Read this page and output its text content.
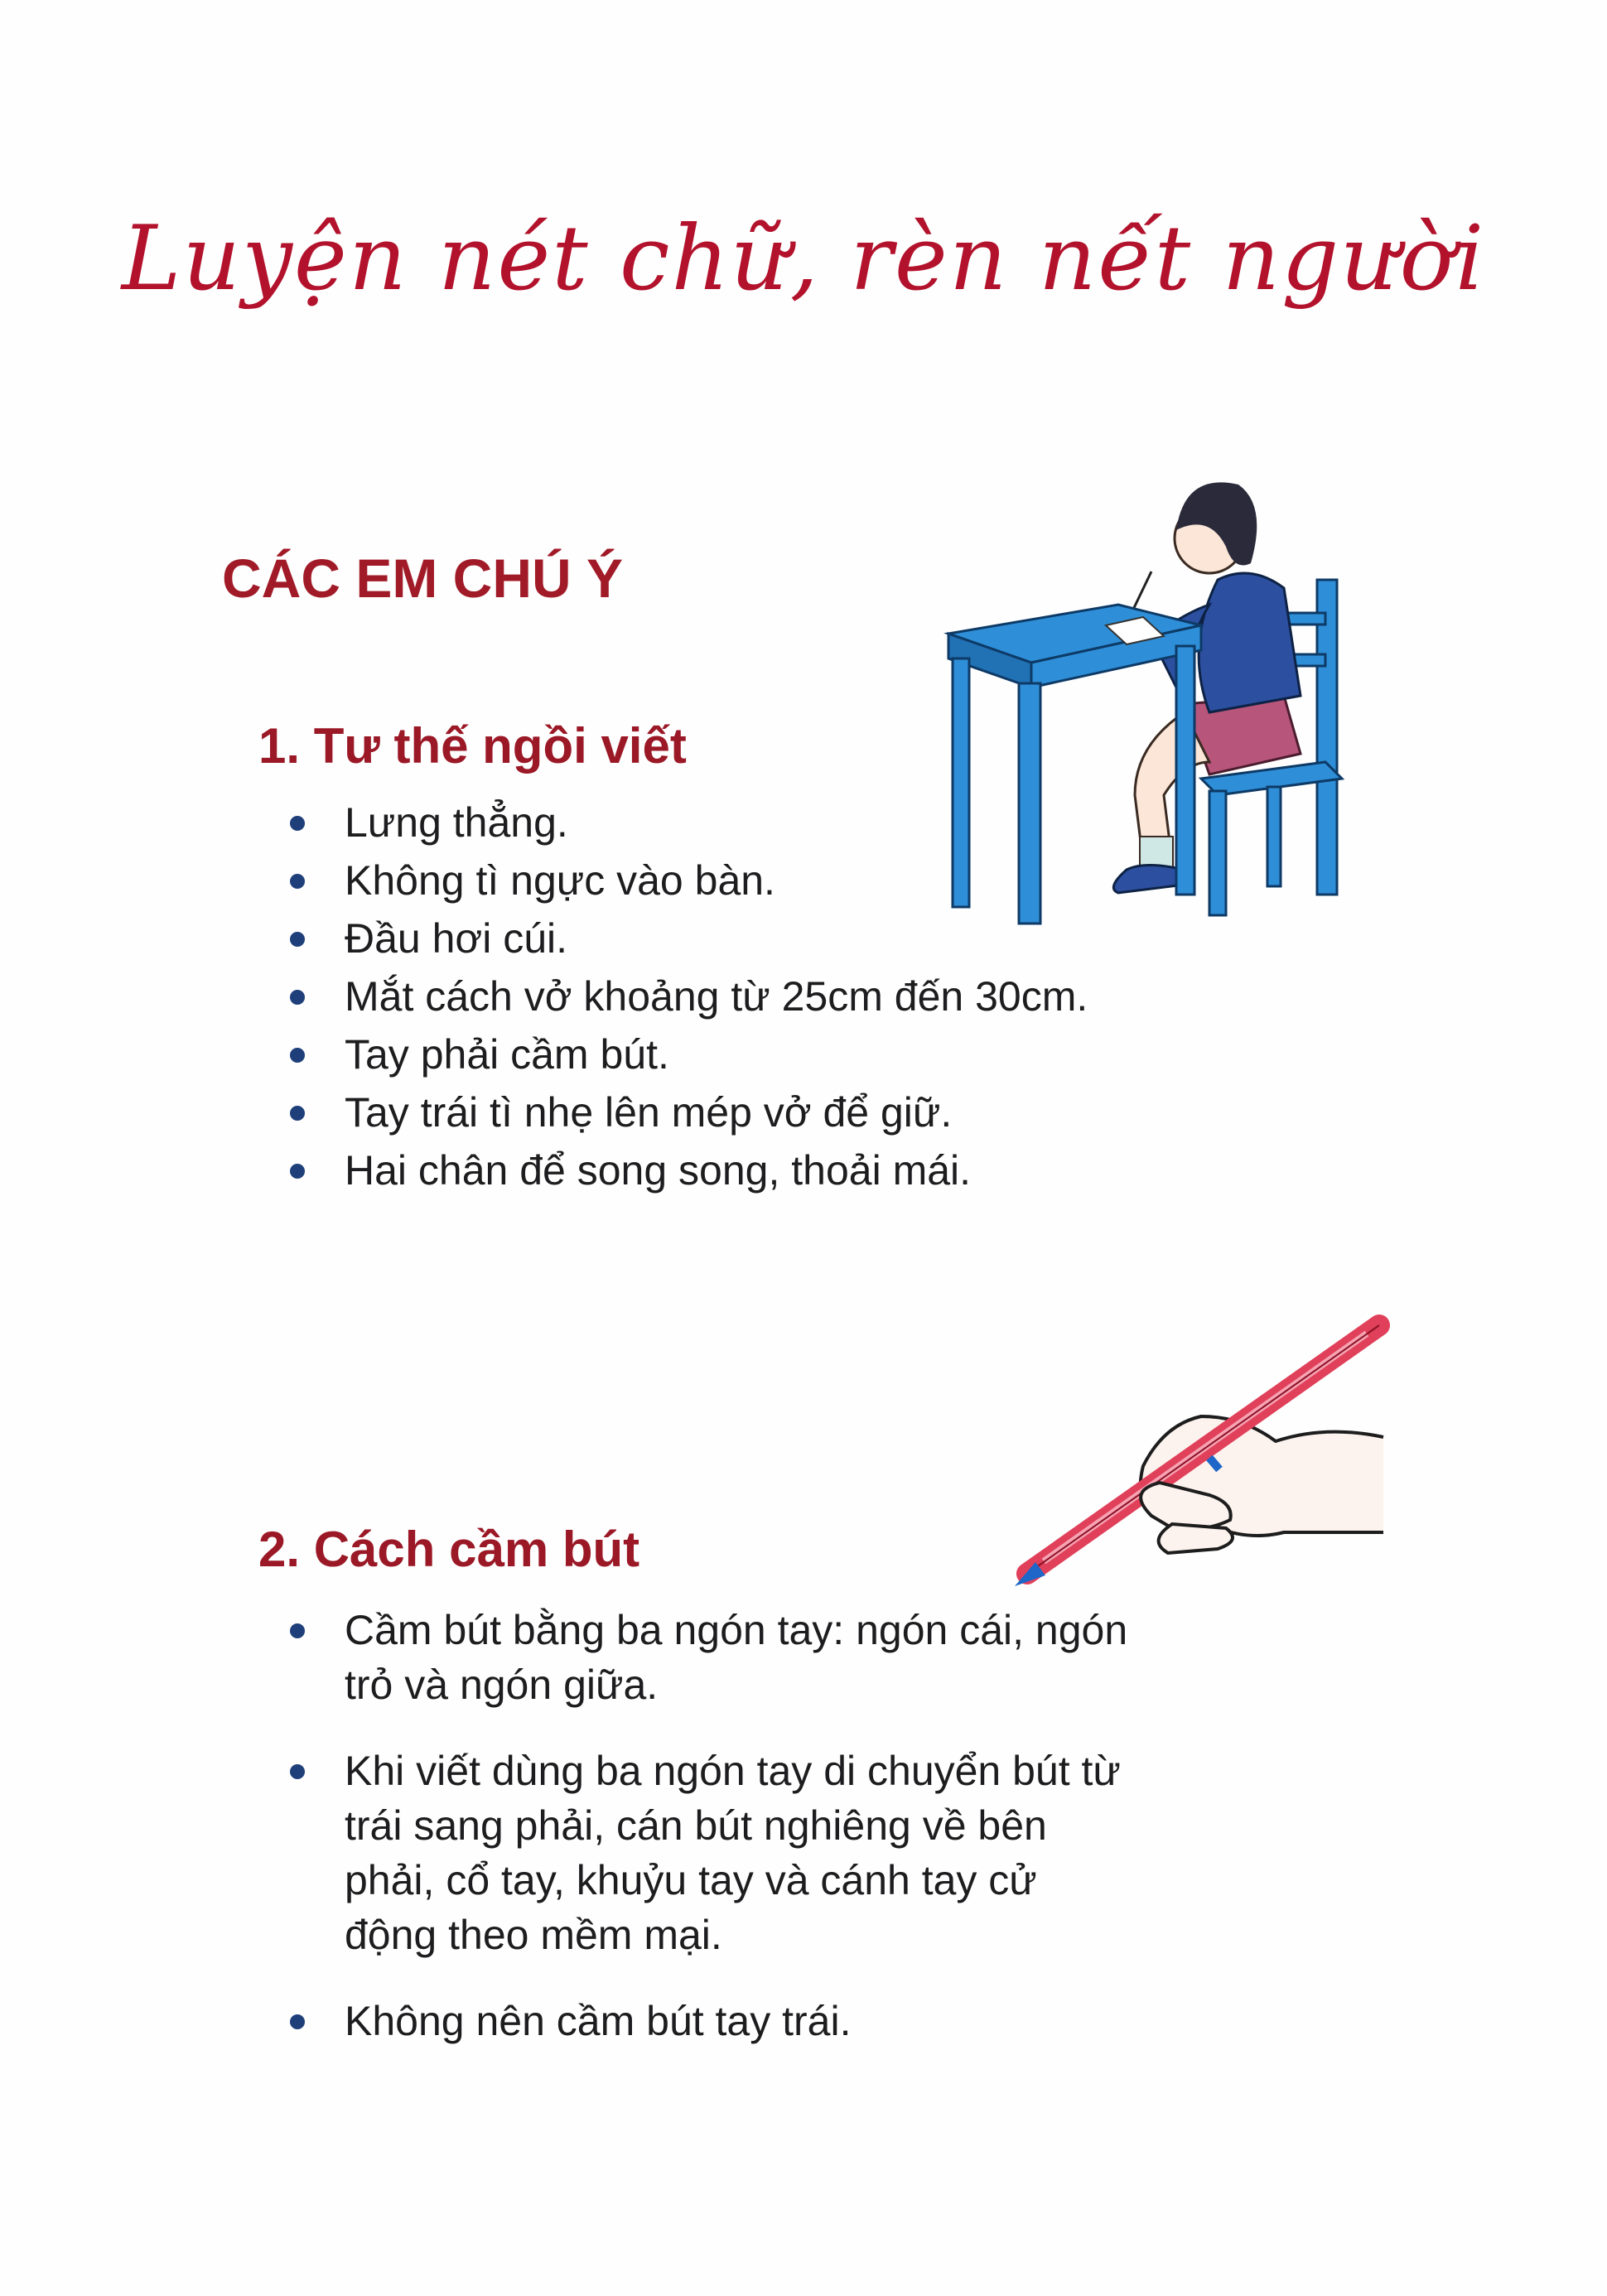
Luyện nét chữ, rèn nết người
CÁC EM CHÚ Ý
1. Tư thế ngồi viết
Lưng thẳng.
Không tì ngực vào bàn.
Đầu hơi cúi.
Mắt cách vở khoảng từ 25cm đến 30cm.
Tay phải cầm bút.
Tay trái tì nhẹ lên mép vở để giữ.
Hai chân để song song, thoải mái.
2. Cách cầm bút
Cầm bút bằng ba ngón tay: ngón cái, ngón trỏ và ngón giữa.
Khi viết dùng ba ngón tay di chuyển bút từ trái sang phải, cán bút nghiêng về bên phải, cổ tay, khuỷu tay và cánh tay cử động theo mềm mại.
Không nên cầm bút tay trái.
